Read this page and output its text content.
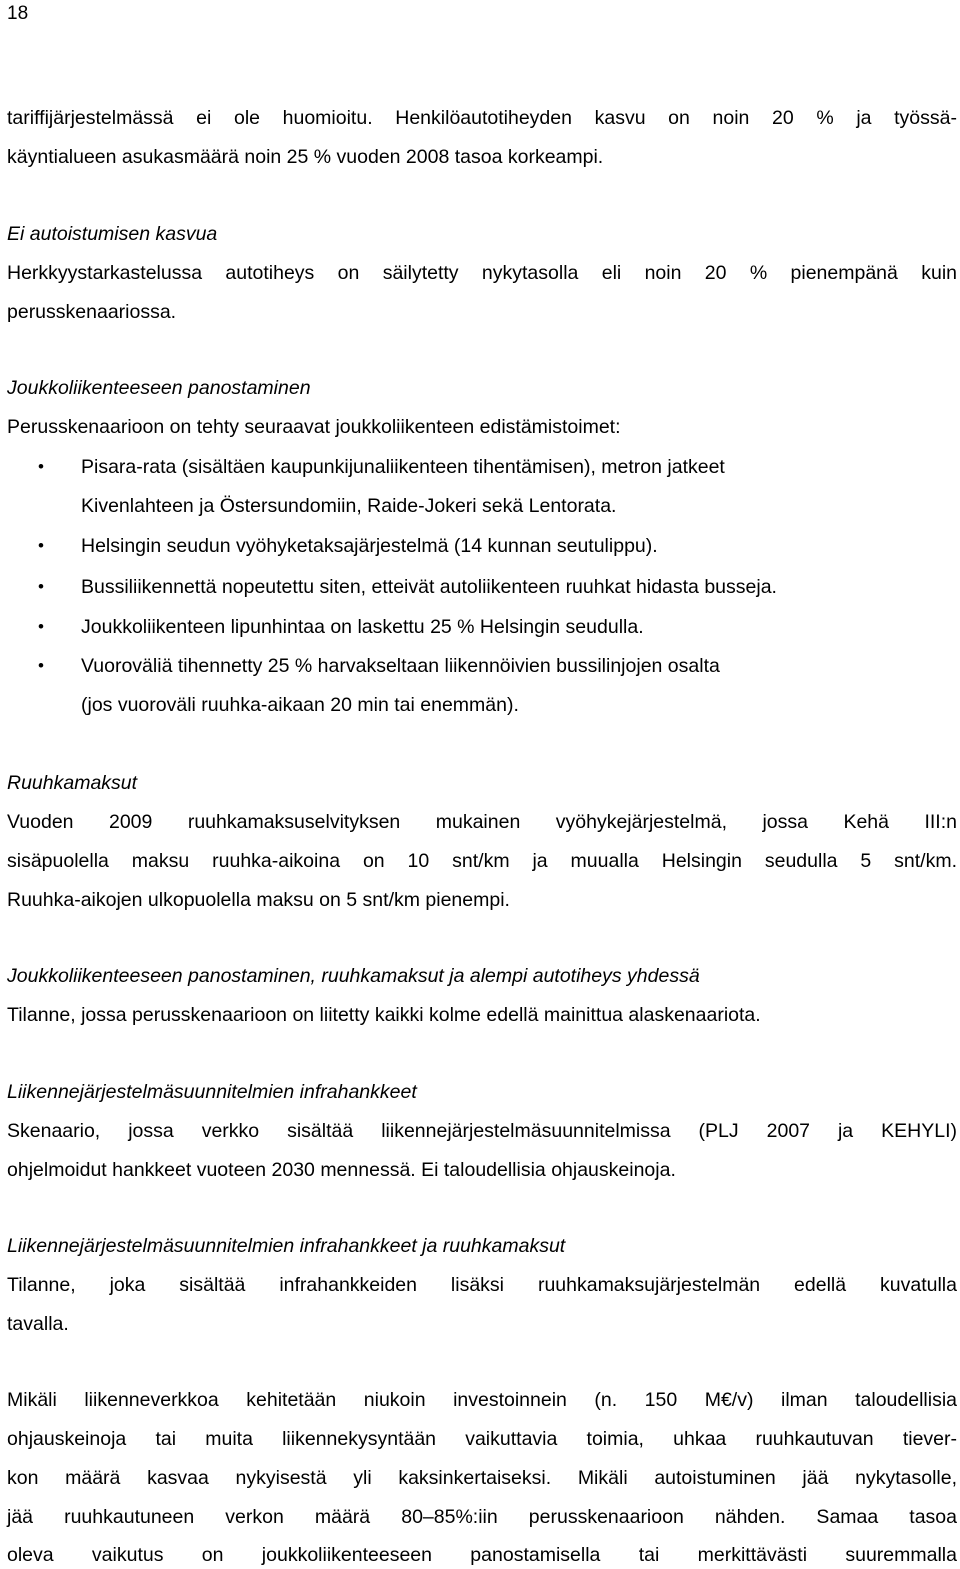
18
tariffijärjestelmässä ei ole huomioitu. Henkilöautotiheyden kasvu on noin 20 % ja työssä-
käyntialueen asukasmäärä noin 25 % vuoden 2008 tasoa korkeampi.
Ei autoistumisen kasvua
Herkkyystarkastelussa autotiheys on säilytetty nykytasolla eli noin 20 % pienempänä kuin
perusskenaariossa.
Joukkoliikenteeseen panostaminen
Perusskenaarioon on tehty seuraavat joukkoliikenteen edistämistoimet:
• Pisara-rata (sisältäen kaupunkijunaliikenteen tihentämisen), metron jatkeet
Kivenlahteen ja Östersundomiin, Raide-Jokeri sekä Lentorata.
• Helsingin seudun vyöhyketaksajärjestelmä (14 kunnan seutulippu).
• Bussiliikennettä nopeutettu siten, etteivät autoliikenteen ruuhkat hidasta busseja.
• Joukkoliikenteen lipunhintaa on laskettu 25 % Helsingin seudulla.
• Vuoroväliä tihennetty 25 % harvakseltaan liikennöivien bussilinjojen osalta
(jos vuoroväli ruuhka-aikaan 20 min tai enemmän).
Ruuhkamaksut
Vuoden 2009 ruuhkamaksuselvityksen mukainen vyöhykejärjestelmä, jossa Kehä III:n
sisäpuolella maksu ruuhka-aikoina on 10 snt/km ja muualla Helsingin seudulla 5 snt/km.
Ruuhka-aikojen ulkopuolella maksu on 5 snt/km pienempi.
Joukkoliikenteeseen panostaminen, ruuhkamaksut ja alempi autotiheys yhdessä
Tilanne, jossa perusskenaarioon on liitetty kaikki kolme edellä mainittua alaskenaariota.
Liikennejärjestelmäsuunnitelmien infrahankkeet
Skenaario, jossa verkko sisältää liikennejärjestelmäsuunnitelmissa (PLJ 2007 ja KEHYLI)
ohjelmoidut hankkeet vuoteen 2030 mennessä. Ei taloudellisia ohjauskeinoja.
Liikennejärjestelmäsuunnitelmien infrahankkeet ja ruuhkamaksut
Tilanne, joka sisältää infrahankkeiden lisäksi ruuhkamaksujärjestelmän edellä kuvatulla
tavalla.
Mikäli liikenneverkkoa kehitetään niukoin investoinnein (n. 150 M€/v) ilman taloudellisia
ohjauskeinoja tai muita liikennekysyntään vaikuttavia toimia, uhkaa ruuhkautuvan tiever-
kon määrä kasvaa nykyisestä yli kaksinkertaiseksi. Mikäli autoistuminen jää nykytasolle,
jää ruuhkautuneen verkon määrä 80–85%:iin perusskenaarioon nähden. Samaa tasoa
oleva vaikutus on joukkoliikenteeseen panostamisella tai merkittävästi suuremmalla
